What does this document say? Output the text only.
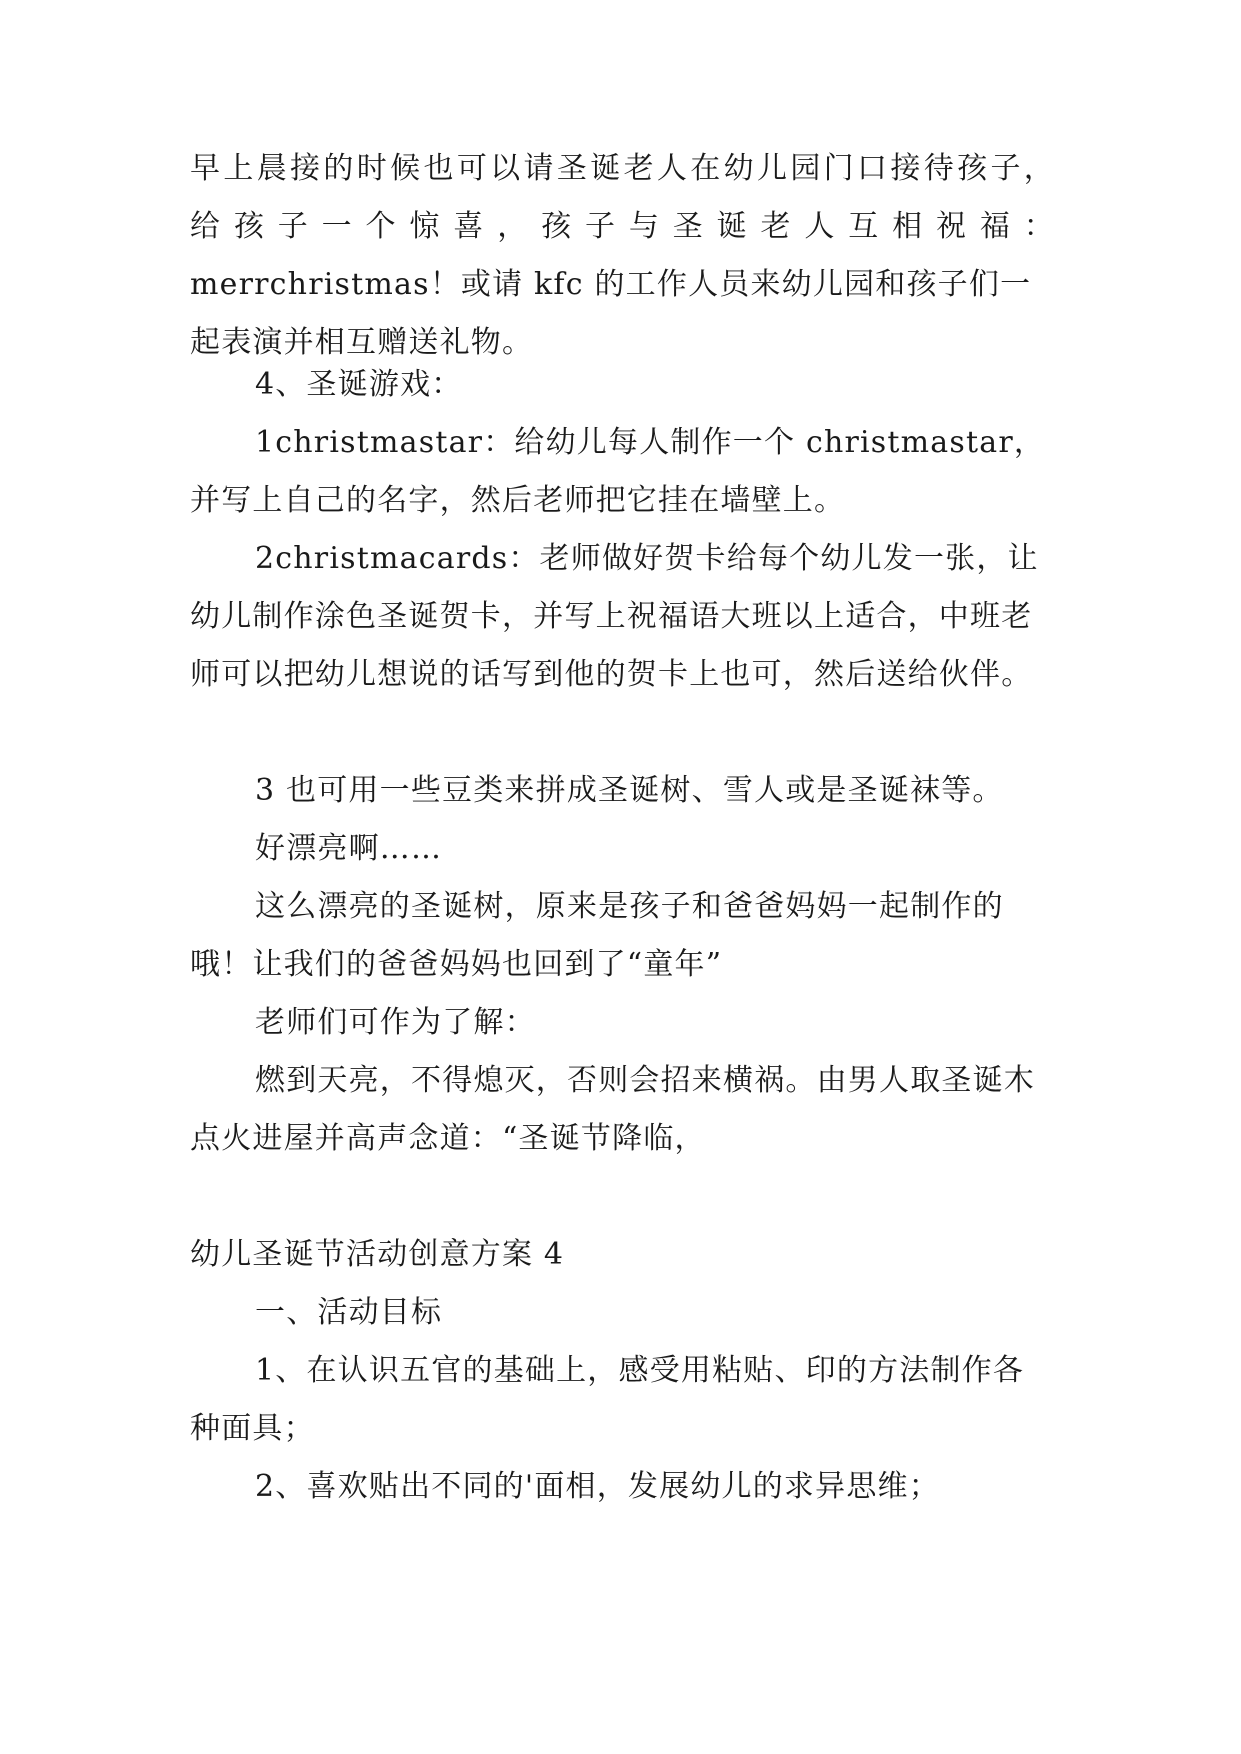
早上晨接的时候也可以请圣诞老人在幼儿园门口接待孩子，
给孩子一个惊喜，孩子与圣诞老人互相祝福：
merrchristmas！或请 kfc 的工作人员来幼儿园和孩子们一起表演并相互赠送礼物。

4、圣诞游戏：

1christmastar：给幼儿每人制作一个 christmastar，并写上自己的名字，然后老师把它挂在墙壁上。

2christmacards：老师做好贺卡给每个幼儿发一张，让幼儿制作涂色圣诞贺卡，并写上祝福语大班以上适合，中班老师可以把幼儿想说的话写到他的贺卡上也可，然后送给伙伴。

3 也可用一些豆类来拼成圣诞树、雪人或是圣诞袜等。

好漂亮啊……

这么漂亮的圣诞树，原来是孩子和爸爸妈妈一起制作的哦！让我们的爸爸妈妈也回到了“童年”

老师们可作为了解：

燃到天亮，不得熄灭，否则会招来横祸。由男人取圣诞木点火进屋并高声念道：“圣诞节降临，

幼儿圣诞节活动创意方案 4

一、活动目标

1、在认识五官的基础上，感受用粘贴、印的方法制作各种面具；

2、喜欢贴出不同的'面相，发展幼儿的求异思维；
